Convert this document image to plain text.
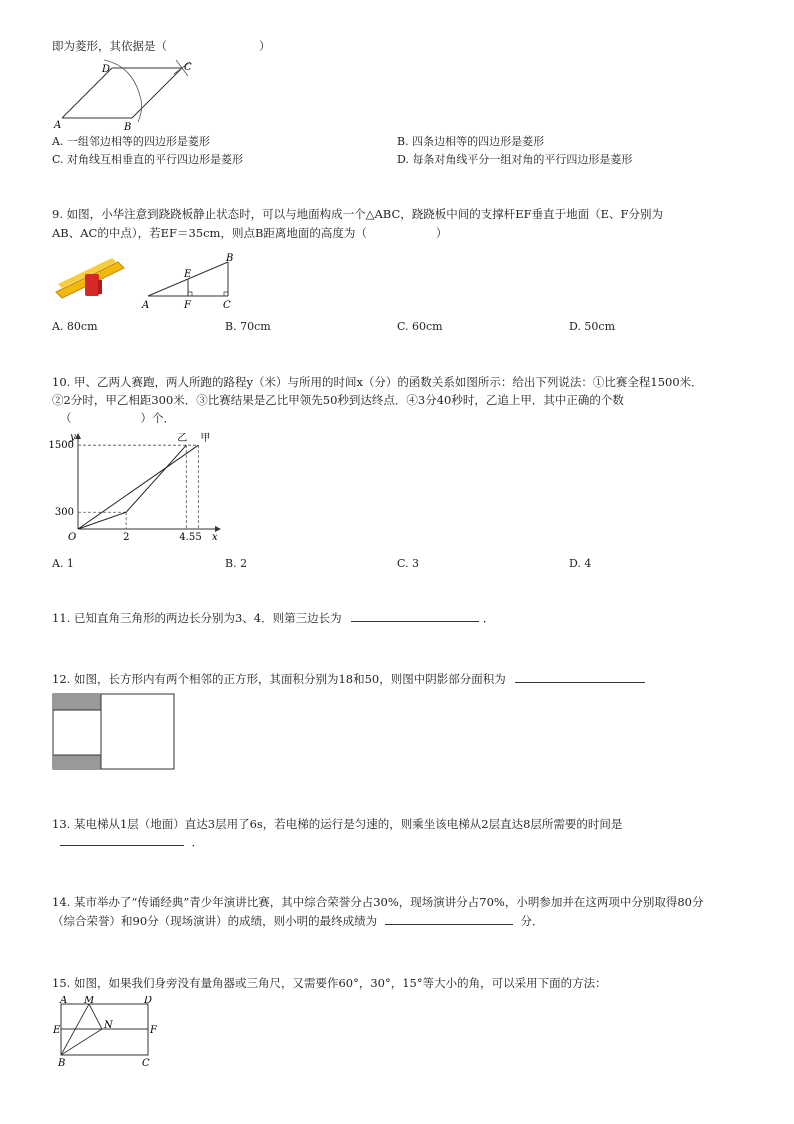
即为菱形，其依据是（　　　　　　　　）
A	B
C
D
A. 一组邻边相等的四边形是菱形	B. 四条边相等的四边形是菱形
C. 对角线互相垂直的平行四边形是菱形	D. 每条对角线平分一组对角的平行四边形是菱形
9. 如图，小华注意到跷跷板静止状态时，可以与地面构成一个△ABC，跷跷板中间的支撑杆EF垂直于地面（E、F分别为
AB、AC的中点），若EF＝35cm，则点B距离地面的高度为（　　　　　　）
A
B
C
E
F
A. 80cm	B. 70cm	C. 60cm	D. 50cm
10. 甲、乙两人赛跑，两人所跑的路程y（米）与所用的时间x（分）的函数关系如图所示：给出下列说法：①比赛全程1500米．
②2分时，甲乙相距300米．③比赛结果是乙比甲领先50秒到达终点．④3分40秒时，乙追上甲．其中正确的个数
（　　　　　　）个．
x
y
O	2	4.5 5
300
1500
甲
乙
A. 1	B. 2	C. 3	D. 4
11. 已知直角三角形的两边长分别为3、4．则第三边长为	．
12. 如图，长方形内有两个相邻的正方形，其面积分别为18和50，则图中阴影部分面积为
13. 某电梯从1层（地面）直达3层用了6s，若电梯的运行是匀速的，则乘坐该电梯从2层直达8层所需要的时间是
．
14. 某市举办了“传诵经典”青少年演讲比赛，其中综合荣誉分占30%，现场演讲分占70%，小明参加并在这两项中分别取得80分
（综合荣誉）和90分（现场演讲）的成绩，则小明的最终成绩为	分．
15. 如图，如果我们身旁没有量角器或三角尺，又需要作60°，30°，15°等大小的角，可以采用下面的方法：
A M	D
E	N	F
B	C
